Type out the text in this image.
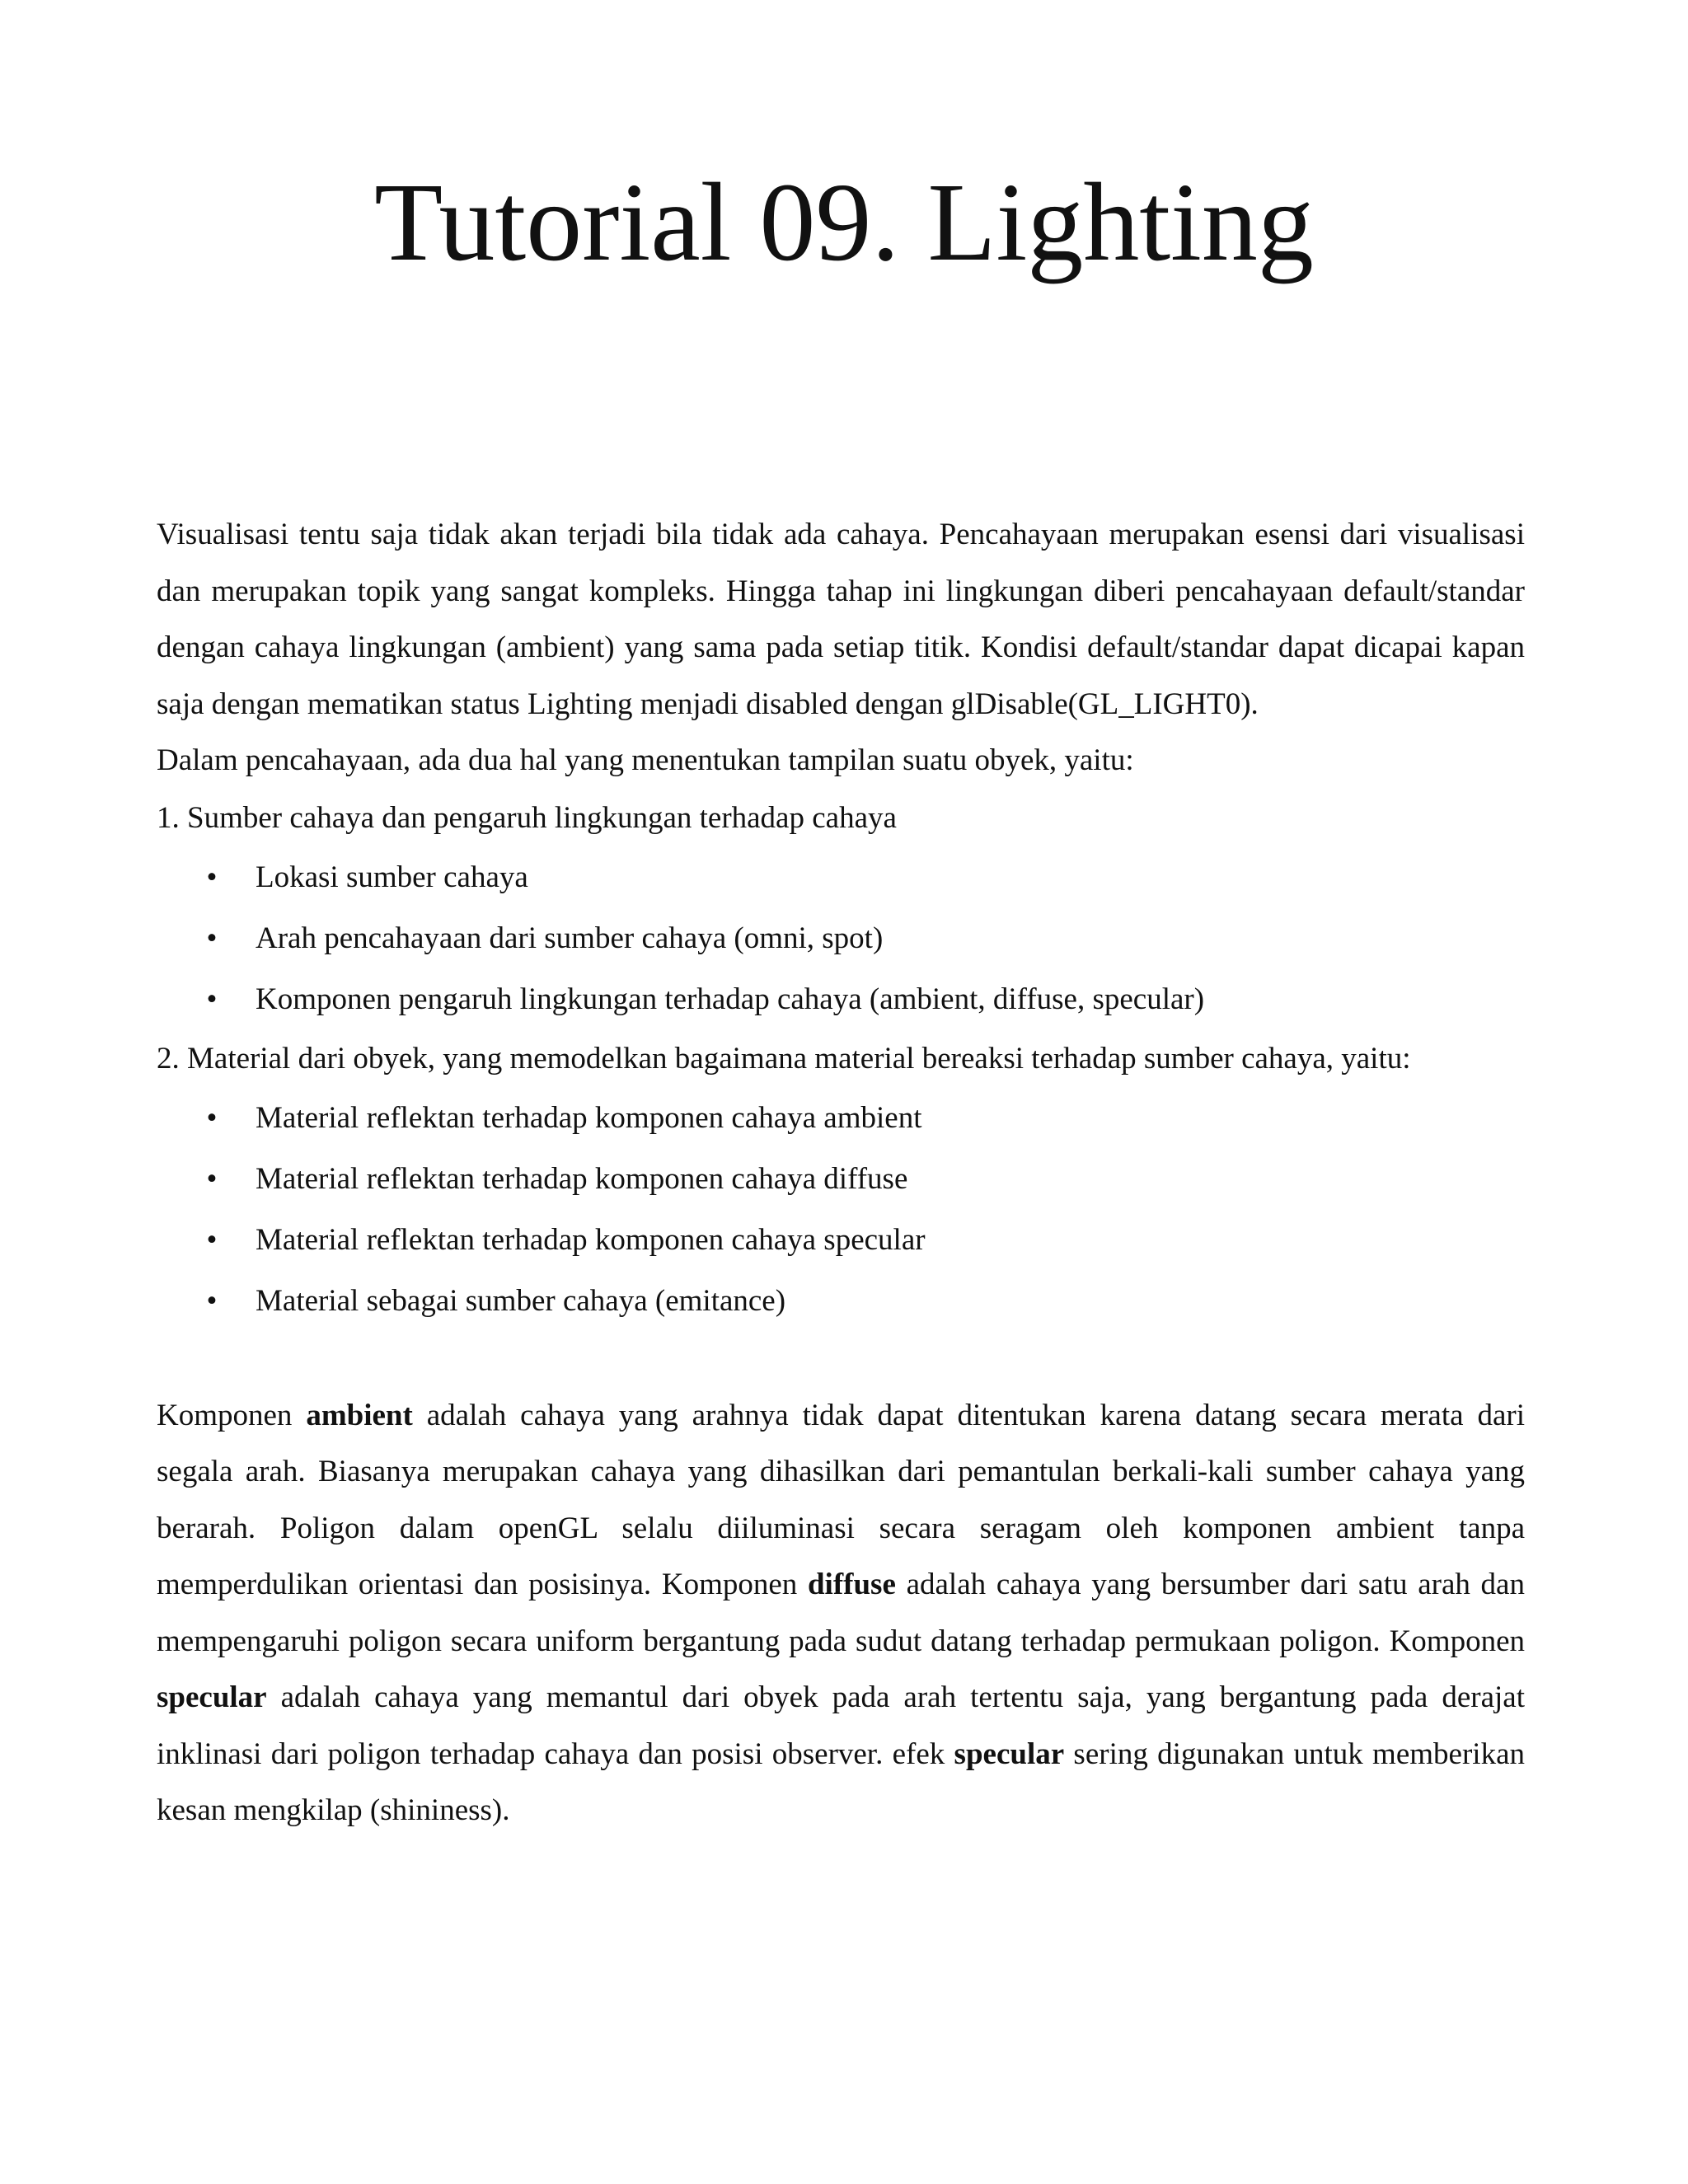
Tutorial 09. Lighting

Visualisasi tentu saja tidak akan terjadi bila tidak ada cahaya. Pencahayaan merupakan esensi dari visualisasi dan merupakan topik yang sangat kompleks. Hingga tahap ini lingkungan diberi pencahayaan default/standar dengan cahaya lingkungan (ambient) yang sama pada setiap titik. Kondisi default/standar dapat dicapai kapan saja dengan mematikan status Lighting menjadi disabled dengan glDisable(GL_LIGHT0).

Dalam pencahayaan, ada dua hal yang menentukan tampilan suatu obyek, yaitu:

1. Sumber cahaya dan pengaruh lingkungan terhadap cahaya

• Lokasi sumber cahaya
• Arah pencahayaan dari sumber cahaya (omni, spot)
• Komponen pengaruh lingkungan terhadap cahaya (ambient, diffuse, specular)

2. Material dari obyek, yang memodelkan bagaimana material bereaksi terhadap sumber cahaya, yaitu:

• Material reflektan terhadap komponen cahaya ambient
• Material reflektan terhadap komponen cahaya diffuse
• Material reflektan terhadap komponen cahaya specular
• Material sebagai sumber cahaya (emitance)

Komponen ambient adalah cahaya yang arahnya tidak dapat ditentukan karena datang secara merata dari segala arah. Biasanya merupakan cahaya yang dihasilkan dari pemantulan berkali-kali sumber cahaya yang berarah. Poligon dalam openGL selalu diiluminasi secara seragam oleh komponen ambient tanpa memperdulikan orientasi dan posisinya. Komponen diffuse adalah cahaya yang bersumber dari satu arah dan mempengaruhi poligon secara uniform bergantung pada sudut datang terhadap permukaan poligon. Komponen specular adalah cahaya yang memantul dari obyek pada arah tertentu saja, yang bergantung pada derajat inklinasi dari poligon terhadap cahaya dan posisi observer. efek specular sering digunakan untuk memberikan kesan mengkilap (shininess).
